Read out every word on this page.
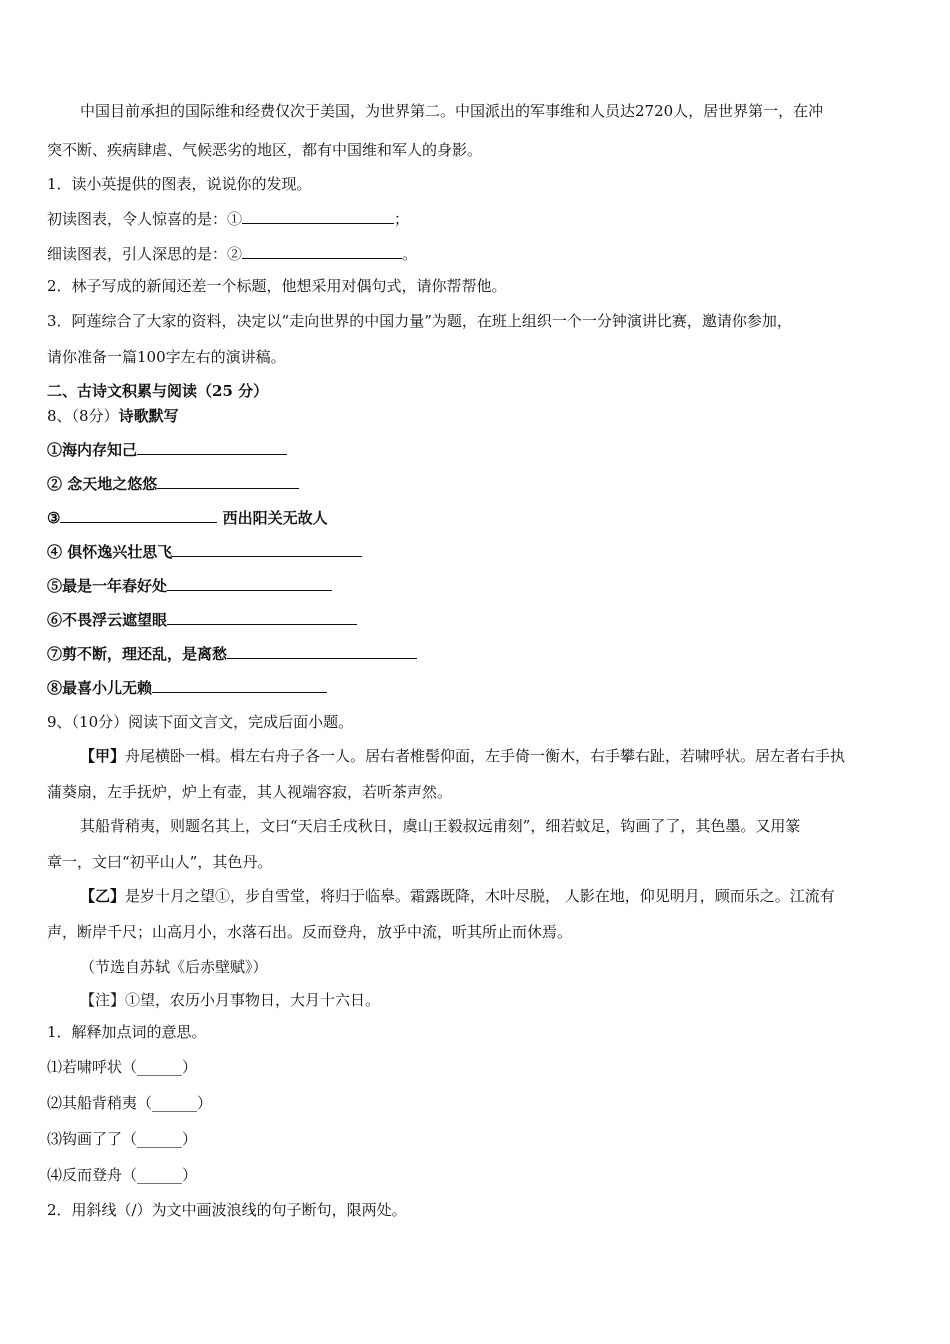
中国目前承担的国际维和经费仅次于美国，为世界第二。中国派出的军事维和人员达2720人，居世界第一，在冲
突不断、疾病肆虐、气候恶劣的地区，都有中国维和军人的身影。
1．读小英提供的图表，说说你的发现。
初读图表，令人惊喜的是：①	；
细读图表，引人深思的是：②	。
2．林子写成的新闻还差一个标题，他想采用对偶句式，请你帮帮他。
3．阿莲综合了大家的资料，决定以“走向世界的中国力量”为题，在班上组织一个一分钟演讲比赛，邀请你参加，
请你准备一篇100字左右的演讲稿。
二、古诗文积累与阅读（25 分）
8、（8分）诗歌默写
①海内存知己
② 念天地之悠悠
③	西出阳关无故人
④ 俱怀逸兴壮思飞
⑤最是一年春好处
⑥不畏浮云遮望眼
⑦剪不断，理还乱，是离愁
⑧最喜小儿无赖
9、（10分）阅读下面文言文，完成后面小题。
【甲】舟尾横卧一楫。楫左右舟子各一人。居右者椎髻仰面，左手倚一衡木，右手攀右趾，若啸呼状。居左者右手执
蒲葵扇，左手抚炉，炉上有壶，其人视端容寂，若听茶声然。
其船背稍夷，则题名其上，文曰“天启壬戌秋日，虞山王毅叔远甫刻”，细若蚊足，钩画了了，其色墨。又用篆
章一，文曰“初平山人”，其色丹。
【乙】是岁十月之望①，步自雪堂，将归于临皋。霜露既降，木叶尽脱， 人影在地，仰见明月，顾而乐之。江流有
声，断岸千尺；山高月小，水落石出。反而登舟，放乎中流，听其所止而休焉。
（节选自苏轼《后赤壁赋》）
【注】①望，农历小月事物日，大月十六日。
1．解释加点词的意思。
⑴若啸呼状（______）
⑵其船背稍夷（______）
⑶钩画了了（______）
⑷反而登舟（______）
2．用斜线（/）为文中画波浪线的句子断句，限两处。
